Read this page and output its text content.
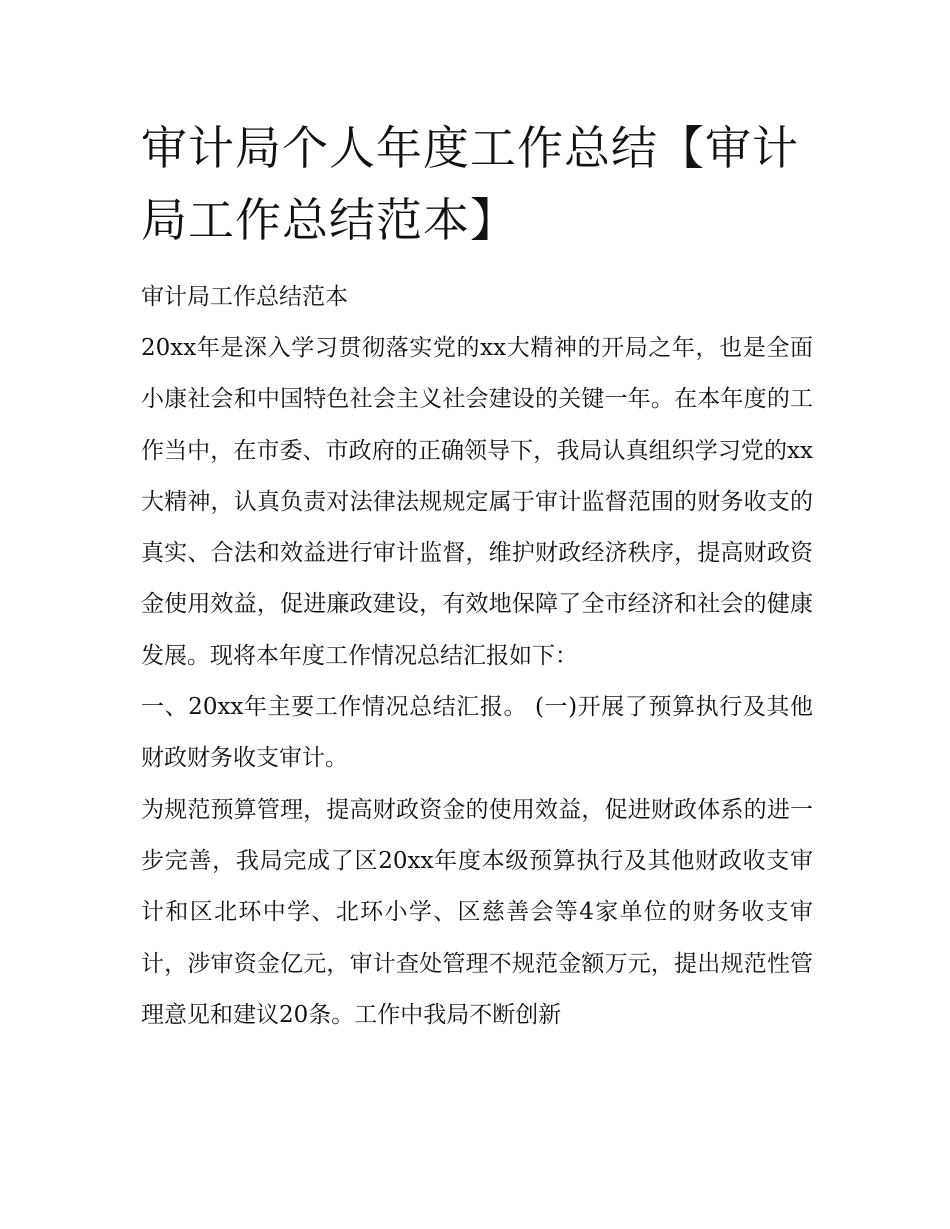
审计局个人年度工作总结【审计局工作总结范本】

审计局工作总结范本

20xx年是深入学习贯彻落实党的xx大精神的开局之年，也是全面小康社会和中国特色社会主义社会建设的关键一年。在本年度的工作当中，在市委、市政府的正确领导下，我局认真组织学习党的xx大精神，认真负责对法律法规规定属于审计监督范围的财务收支的真实、合法和效益进行审计监督，维护财政经济秩序，提高财政资金使用效益，促进廉政建设，有效地保障了全市经济和社会的健康发展。现将本年度工作情况总结汇报如下：

一、20xx年主要工作情况总结汇报。 (一)开展了预算执行及其他财政财务收支审计。

为规范预算管理，提高财政资金的使用效益，促进财政体系的进一步完善，我局完成了区20xx年度本级预算执行及其他财政收支审计和区北环中学、北环小学、区慈善会等4家单位的财务收支审计，涉审资金亿元，审计查处管理不规范金额万元，提出规范性管理意见和建议20条。工作中我局不断创新
